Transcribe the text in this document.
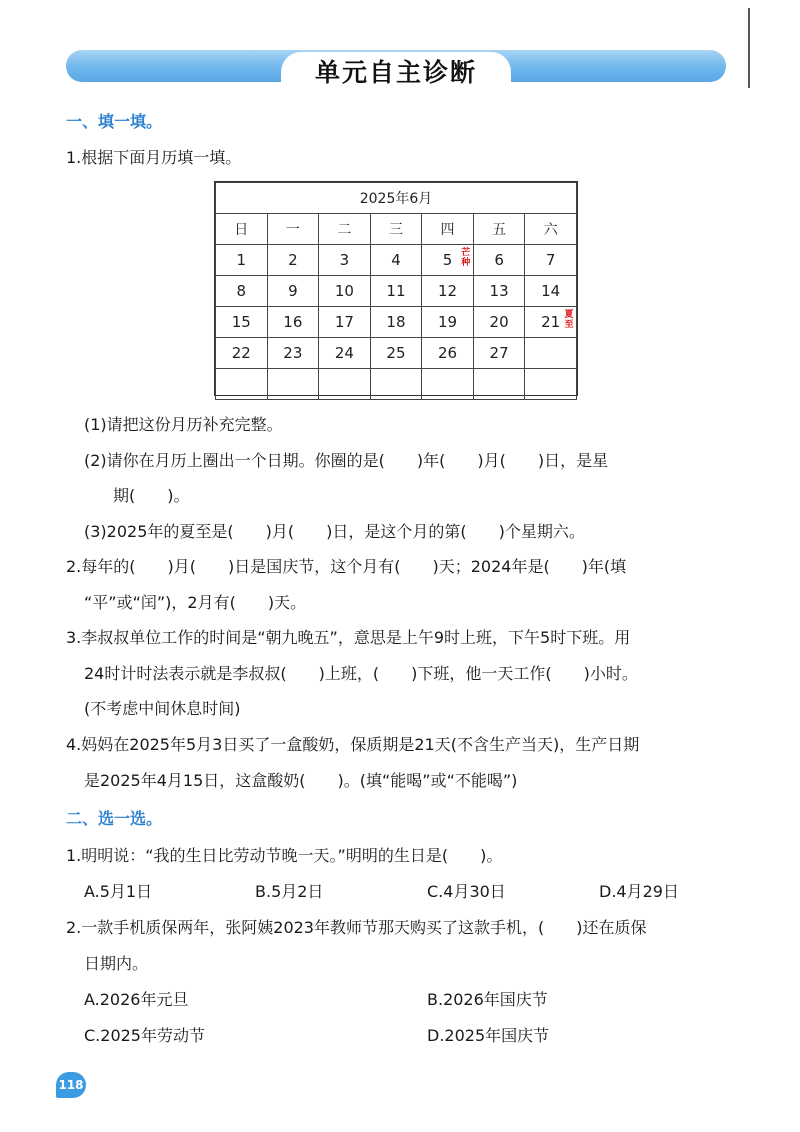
单元自主诊断
一、填一填。
1.根据下面月历填一填。
2025年6月						
日	一	二	三	四	五	六
1	2	3	4	5 芒种	6	7
8	9	10	11	12	13	14
15	16	17	18	19	20	21 夏至

22	23	24	25	26	27	

(1)请把这份月历补充完整。
(2)请你在月历上圈出一个日期。你圈的是(　　)年(　　)月(　　)日，是星
期(　　)。
(3)2025年的夏至是(　　)月(　　)日，是这个月的第(　　)个星期六。
2.每年的(　　)月(　　)日是国庆节，这个月有(　　)天；2024年是(　　)年(填
“平”或“闰”)，2月有(　　)天。
3.李叔叔单位工作的时间是“朝九晚五”，意思是上午9时上班，下午5时下班。用
24时计时法表示就是李叔叔(　　)上班，(　　)下班，他一天工作(　　)小时。
(不考虑中间休息时间)
4.妈妈在2025年5月3日买了一盒酸奶，保质期是21天(不含生产当天)，生产日期
是2025年4月15日，这盒酸奶(　　)。(填“能喝”或“不能喝”)
二、选一选。
1.明明说：“我的生日比劳动节晚一天。”明明的生日是(　　)。
A.5月1日	B.5月2日	C.4月30日	D.4月29日
2.一款手机质保两年，张阿姨2023年教师节那天购买了这款手机，(　　)还在质保
日期内。
A.2026年元旦	B.2026年国庆节
C.2025年劳动节	D.2025年国庆节
118
